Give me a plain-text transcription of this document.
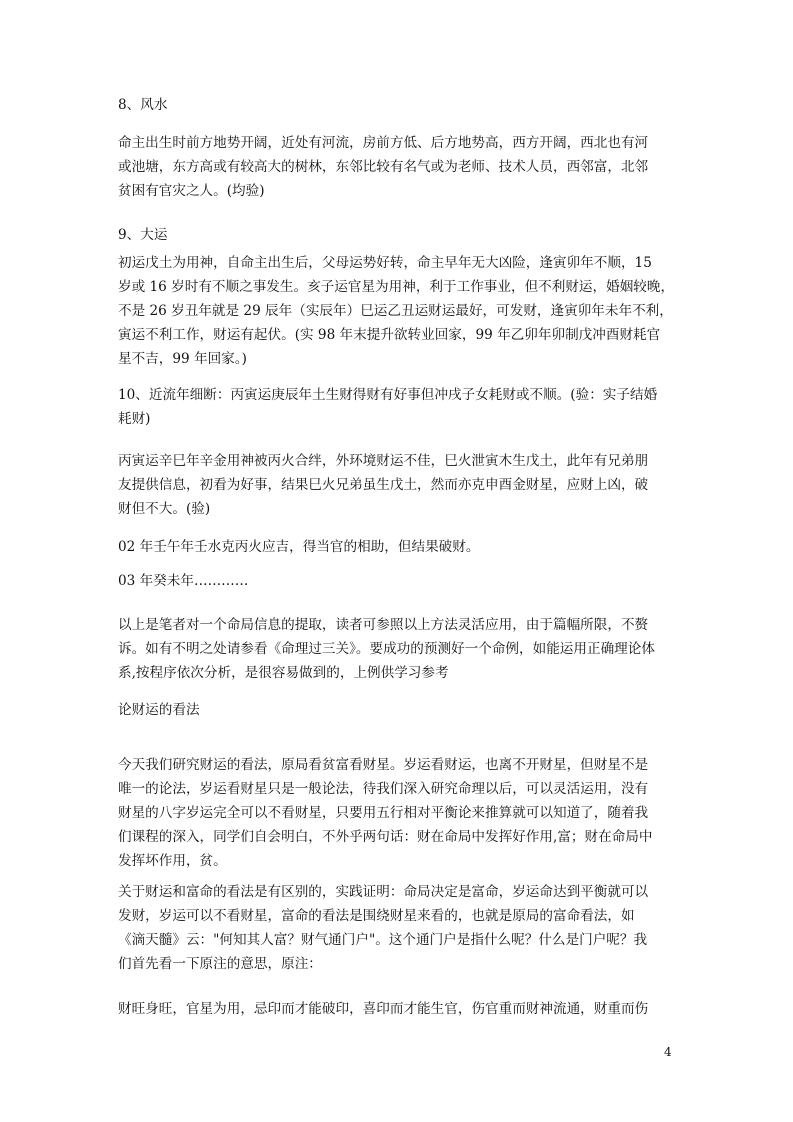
8、风水
命主出生时前方地势开阔，近处有河流，房前方低、后方地势高，西方开阔，西北也有河
或池塘，东方高或有较高大的树林，东邻比较有名气或为老师、技术人员，西邻富，北邻
贫困有官灾之人。(均验)
9、大运
初运戊土为用神，自命主出生后，父母运势好转，命主早年无大凶险，逢寅卯年不顺，15
岁或 16 岁时有不顺之事发生。亥子运官星为用神，利于工作事业，但不利财运，婚姻较晚，
不是 26 岁丑年就是 29 辰年（实辰年）巳运乙丑运财运最好，可发财，逢寅卯年未年不利，
寅运不利工作，财运有起伏。(实 98 年末提升欲转业回家，99 年乙卯年卯制戊冲酉财耗官
星不吉，99 年回家。)
10、近流年细断：丙寅运庚辰年土生财得财有好事但冲戌子女耗财或不顺。(验：实子结婚
耗财)
丙寅运辛巳年辛金用神被丙火合绊，外环境财运不佳，巳火泄寅木生戊土，此年有兄弟朋
友提供信息，初看为好事，结果巳火兄弟虽生戊土，然而亦克申酉金财星，应财上凶，破
财但不大。(验)
02 年壬午年壬水克丙火应吉，得当官的相助，但结果破财。
03 年癸未年…………
以上是笔者对一个命局信息的提取，读者可参照以上方法灵活应用，由于篇幅所限，不赘
诉。如有不明之处请参看《命理过三关》。要成功的预测好一个命例，如能运用正确理论体
系,按程序依次分析，是很容易做到的，上例供学习参考
论财运的看法
今天我们研究财运的看法，原局看贫富看财星。岁运看财运，也离不开财星，但财星不是
唯一的论法，岁运看财星只是一般论法，待我们深入研究命理以后，可以灵活运用，没有
财星的八字岁运完全可以不看财星，只要用五行相对平衡论来推算就可以知道了，随着我
们课程的深入，同学们自会明白，不外乎两句话：财在命局中发挥好作用,富；财在命局中
发挥坏作用，贫。
关于财运和富命的看法是有区别的，实践证明：命局决定是富命，岁运命达到平衡就可以
发财，岁运可以不看财星，富命的看法是围绕财星来看的，也就是原局的富命看法，如
《滴天髓》云："何知其人富？财气通门户"。这个通门户是指什么呢？什么是门户呢？我
们首先看一下原注的意思，原注：
财旺身旺，官星为用，忌印而才能破印，喜印而才能生官，伤官重而财神流通，财重而伤
4
